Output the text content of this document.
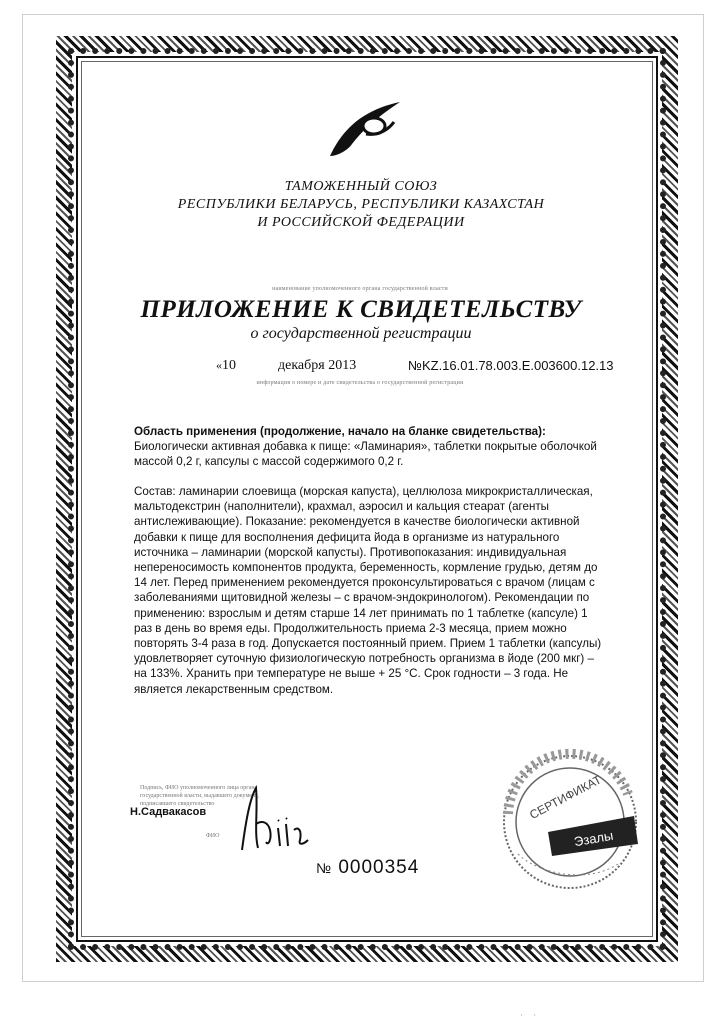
ТАМОЖЕННЫЙ СОЮЗ
РЕСПУБЛИКИ БЕЛАРУСЬ, РЕСПУБЛИКИ КАЗАХСТАН
И РОССИЙСКОЙ ФЕДЕРАЦИИ
наименование уполномоченного органа государственной власти
ПРИЛОЖЕНИЕ К СВИДЕТЕЛЬСТВУ
о государственной регистрации
«10	декабря 2013	№KZ.16.01.78.003.E.003600.12.13
информация о номере и дате свидетельства о государственной регистрации
Область применения (продолжение, начало на бланке свидетельства):
Биологически активная добавка к пище: «Ламинария», таблетки покрытые оболочкой массой 0,2 г, капсулы с массой содержимого 0,2 г.
Состав: ламинарии слоевища (морская капуста), целлюлоза микрокристаллическая, мальтодекстрин (наполнители), крахмал, аэросил и кальция стеарат (агенты антислеживающие). Показание: рекомендуется в качестве биологически активной добавки к пище для восполнения дефицита йода в организме из натурального источника – ламинарии (морской капусты). Противопоказания: индивидуальная непереносимость компонентов продукта, беременность, кормление грудью, детям до 14 лет. Перед применением рекомендуется проконсультироваться с врачом (лицам с заболеваниями щитовидной железы – с врачом-эндокринологом). Рекомендации по применению: взрослым и детям старше 14 лет принимать по 1 таблетке (капсуле) 1 раз в день во время еды. Продолжительность приема 2-3 месяца, прием можно повторять 3-4 раза в год. Допускается постоянный прием. Прием 1 таблетки (капсулы) удовлетворяет суточную физиологическую потребность организма в йоде (200 мкг) – на 133%. Хранить при температуре не выше + 25 °С. Срок годности – 3 года. Не является лекарственным средством.
Подпись, ФИО уполномоченного лица органа
государственной власти, выдавшего документ,
подписавшего свидетельство
Н.Садвакасов
ФИО
№ 0000354
СЕРТИФИКАТ
Эзалы
· ·
